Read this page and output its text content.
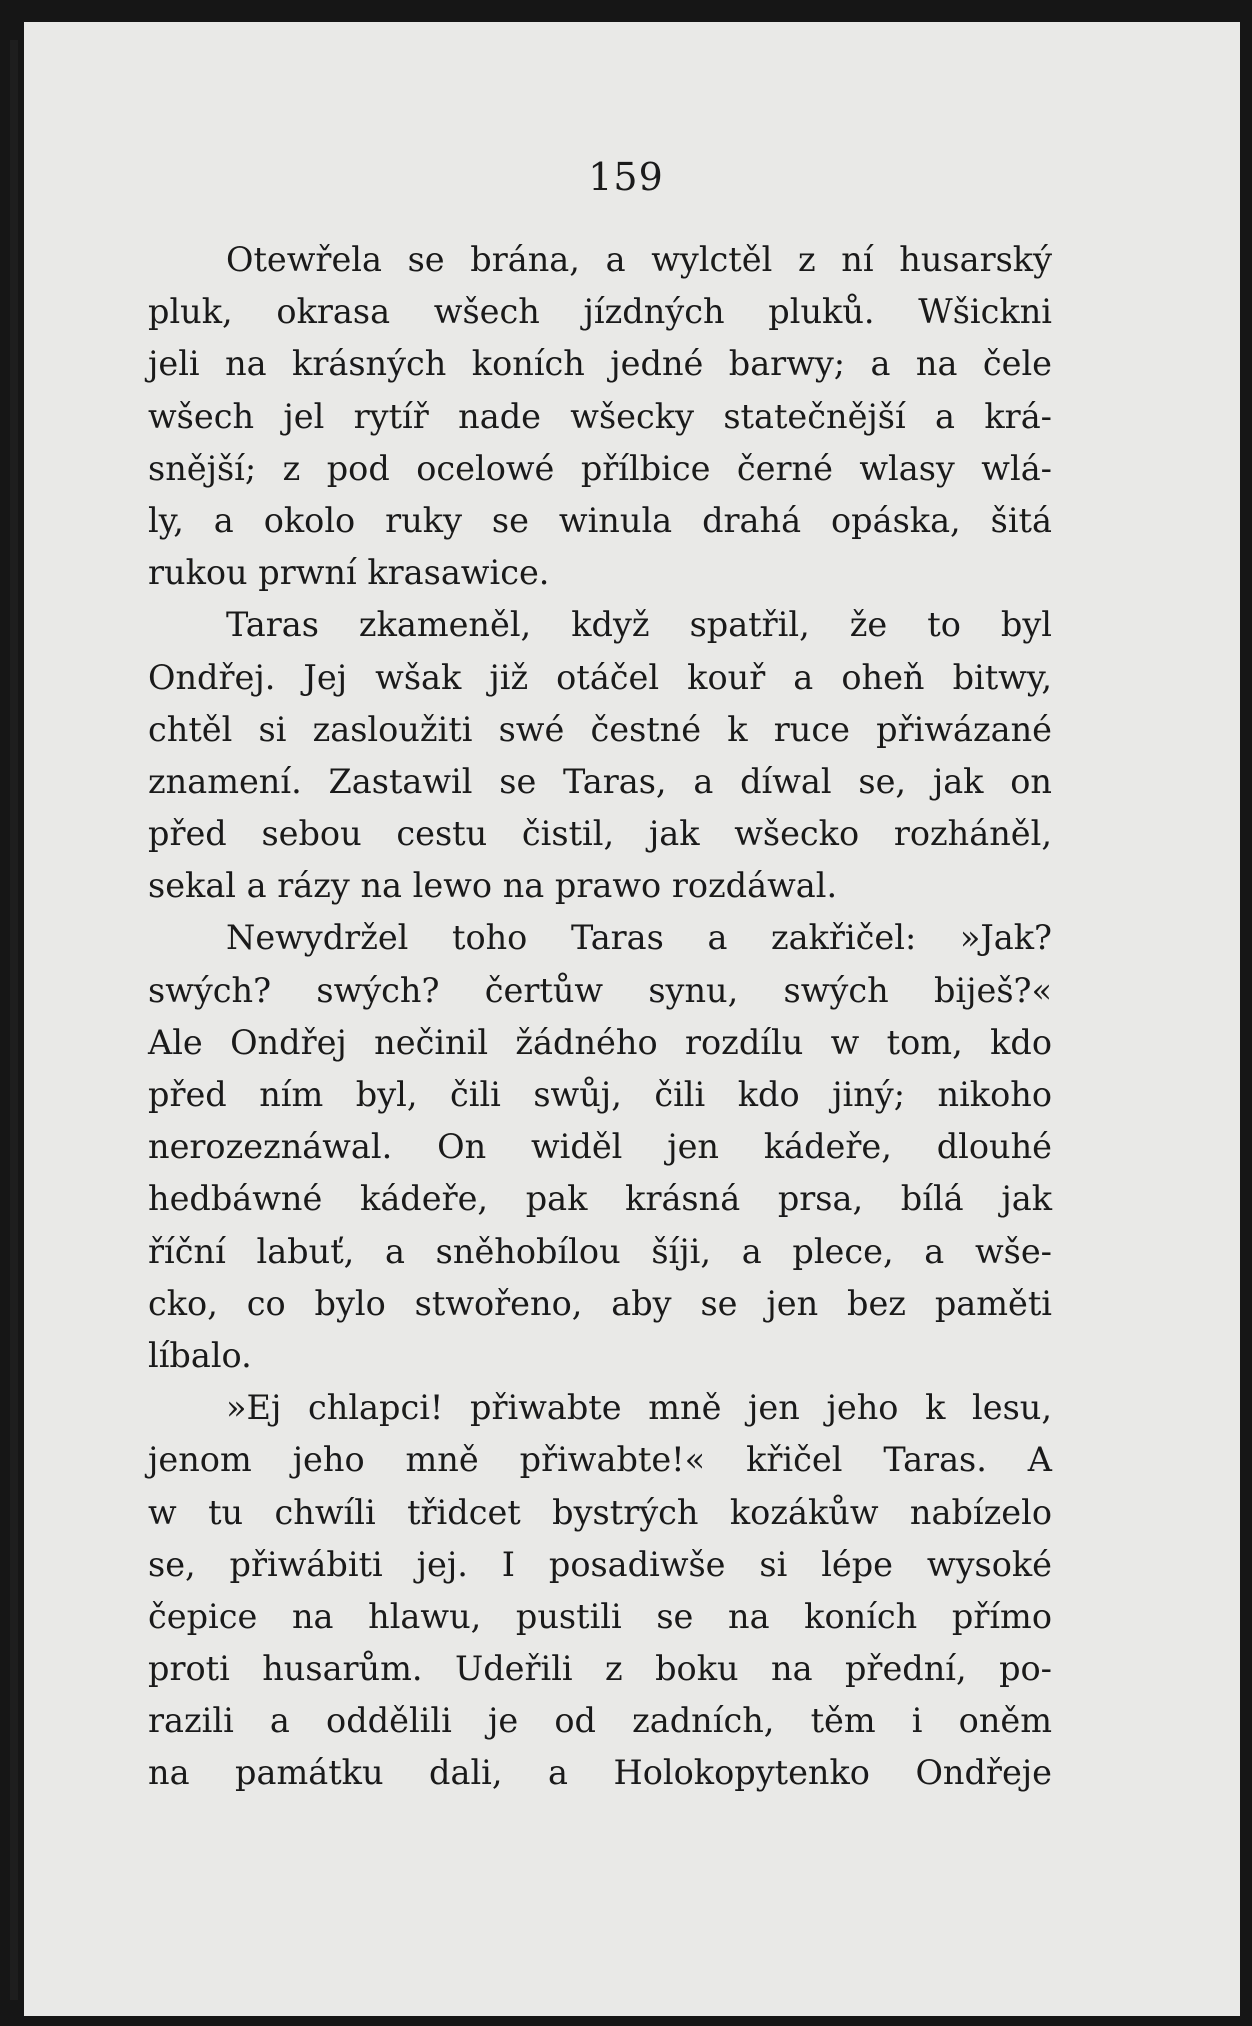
159
Otewřela se brána, a wylctěl z ní husarský
pluk, okrasa wšech jízdných pluků. Wšickni
jeli na krásných koních jedné barwy; a na čele
wšech jel rytíř nade wšecky statečnější a krá-
snější; z pod ocelowé přílbice černé wlasy wlá-
ly, a okolo ruky se winula drahá opáska, šitá
rukou prwní krasawice.
Taras zkameněl, když spatřil, že to byl
Ondřej. Jej wšak již otáčel kouř a oheň bitwy,
chtěl si zasloužiti swé čestné k ruce přiwázané
znamení. Zastawil se Taras, a díwal se, jak on
před sebou cestu čistil, jak wšecko rozháněl,
sekal a rázy na lewo na prawo rozdáwal.
Newydržel toho Taras a zakřičel: »Jak?
swých? swých? čertůw synu, swých biješ?«
Ale Ondřej nečinil žádného rozdílu w tom, kdo
před ním byl, čili swůj, čili kdo jiný; nikoho
nerozeznáwal. On widěl jen kádeře, dlouhé
hedbáwné kádeře, pak krásná prsa, bílá jak
říční labuť, a sněhobílou šíji, a plece, a wše-
cko, co bylo stwořeno, aby se jen bez paměti
líbalo.
»Ej chlapci! přiwabte mně jen jeho k lesu,
jenom jeho mně přiwabte!« křičel Taras. A
w tu chwíli třidcet bystrých kozákůw nabízelo
se, přiwábiti jej. I posadiwše si lépe wysoké
čepice na hlawu, pustili se na koních přímo
proti husarům. Udeřili z boku na přední, po-
razili a oddělili je od zadních, těm i oněm
na památku dali, a Holokopytenko Ondřeje
